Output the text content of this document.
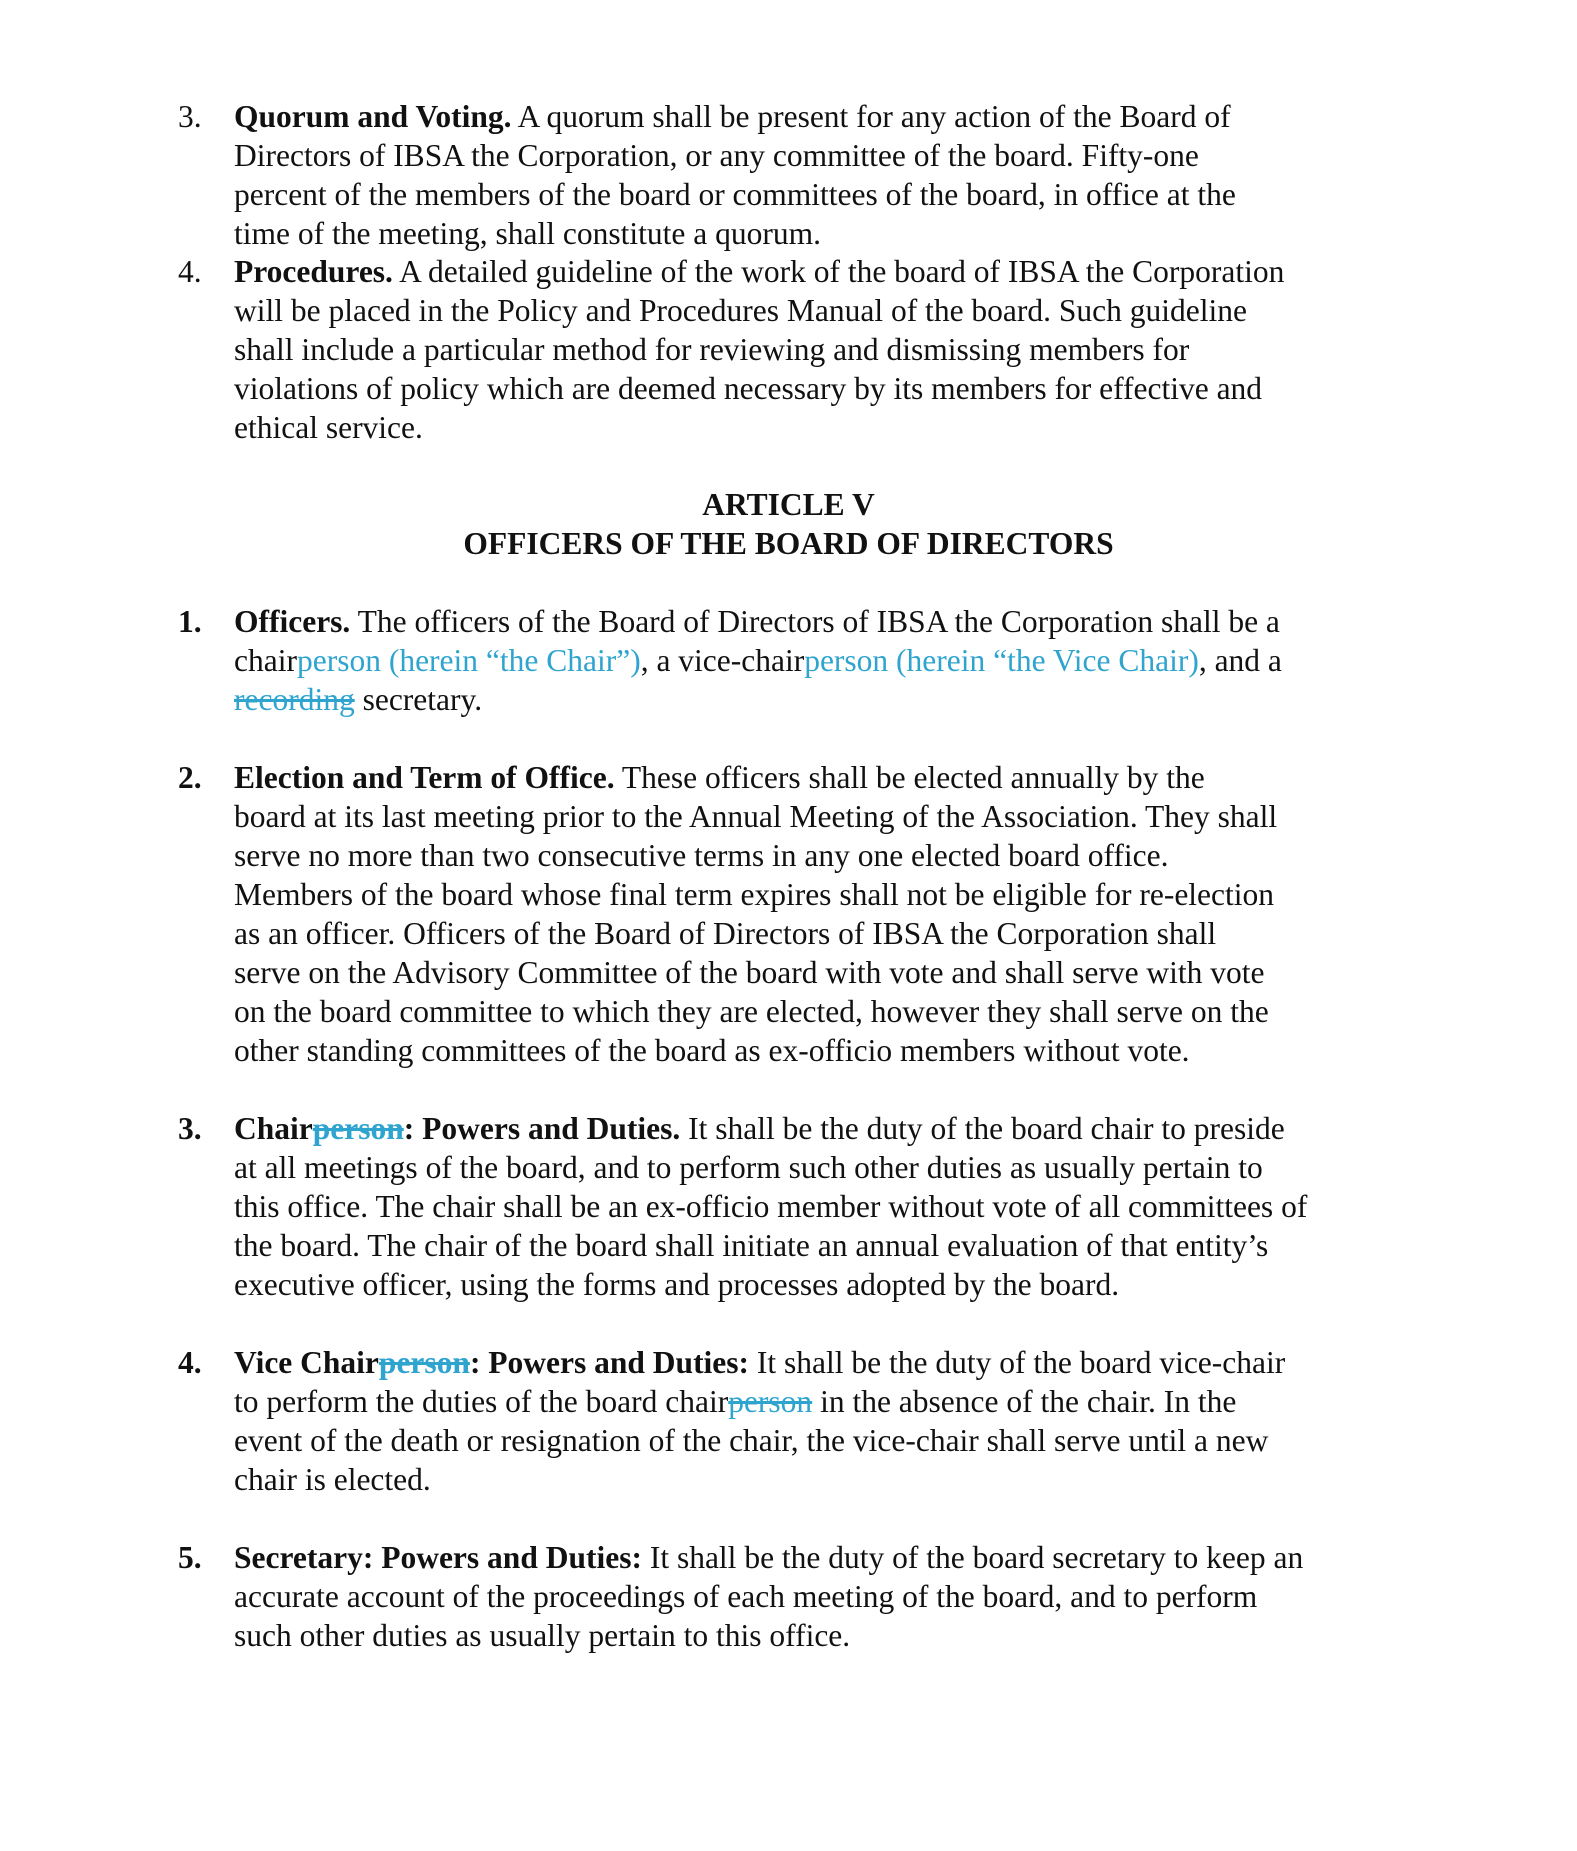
3.	Quorum and Voting. A quorum shall be present for any action of the Board of
Directors of IBSA the Corporation, or any committee of the board. Fifty-one
percent of the members of the board or committees of the board, in office at the
time of the meeting, shall constitute a quorum.
4.	Procedures. A detailed guideline of the work of the board of IBSA the Corporation
will be placed in the Policy and Procedures Manual of the board. Such guideline
shall include a particular method for reviewing and dismissing members for
violations of policy which are deemed necessary by its members for effective and
ethical service.
ARTICLE V
OFFICERS OF THE BOARD OF DIRECTORS
1.	Officers. The officers of the Board of Directors of IBSA the Corporation shall be a
chairperson (herein “the Chair”), a vice-chairperson (herein “the Vice Chair), and a
recording secretary.
2.	Election and Term of Office. These officers shall be elected annually by the
board at its last meeting prior to the Annual Meeting of the Association. They shall
serve no more than two consecutive terms in any one elected board office.
Members of the board whose final term expires shall not be eligible for re-election
as an officer. Officers of the Board of Directors of IBSA the Corporation shall
serve on the Advisory Committee of the board with vote and shall serve with vote
on the board committee to which they are elected, however they shall serve on the
other standing committees of the board as ex-officio members without vote.
3.	Chairperson: Powers and Duties. It shall be the duty of the board chair to preside
at all meetings of the board, and to perform such other duties as usually pertain to
this office. The chair shall be an ex-officio member without vote of all committees of
the board. The chair of the board shall initiate an annual evaluation of that entity’s
executive officer, using the forms and processes adopted by the board.
4.	Vice Chairperson: Powers and Duties: It shall be the duty of the board vice-chair
to perform the duties of the board chairperson in the absence of the chair. In the
event of the death or resignation of the chair, the vice-chair shall serve until a new
chair is elected.
5.	Secretary: Powers and Duties: It shall be the duty of the board secretary to keep an
accurate account of the proceedings of each meeting of the board, and to perform
such other duties as usually pertain to this office.
